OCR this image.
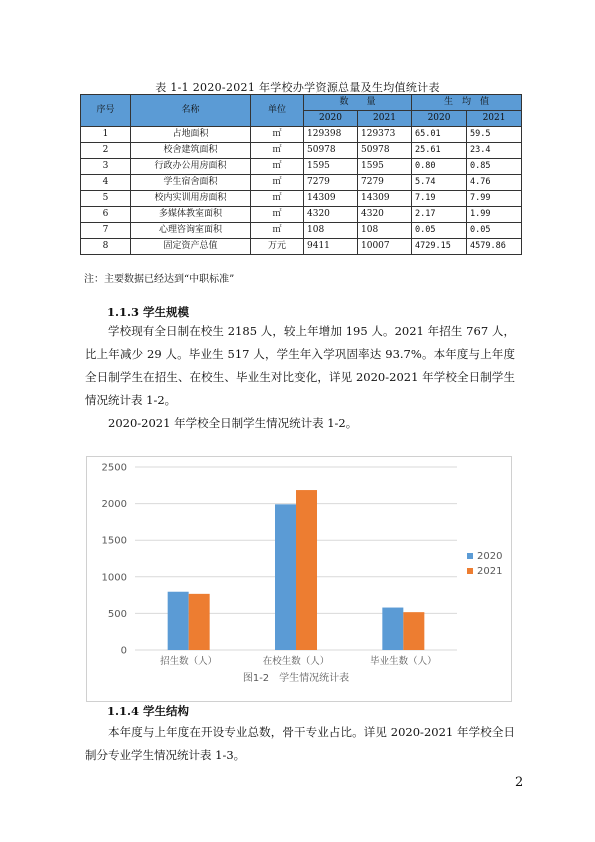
表 1-1 2020-2021 年学校办学资源总量及生均值统计表
序号	名称	单位	数　　量		生　均　值	
			2020	2021	2020	2021
1	占地面积	㎡	129398	129373	65.01	59.5
2	校舍建筑面积	㎡	50978	50978	25.61	23.4
3	行政办公用房面积	㎡	1595	1595	0.80	0.85
4	学生宿舍面积	㎡	7279	7279	5.74	4.76
5	校内实训用房面积	㎡	14309	14309	7.19	7.99
6	多媒体教室面积	㎡	4320	4320	2.17	1.99
7	心理咨询室面积	㎡	108	108	0.05	0.05
8	固定资产总值	万元	9411	10007	4729.15	4579.86
注：主要数据已经达到“中职标准”
1.1.3 学生规模
学校现有全日制在校生 2185 人，较上年增加 195 人。2021 年招生 767 人，比上年减少 29 人。毕业生 517 人，学生年入学巩固率达 93.7%。本年度与上年度全日制学生在招生、在校生、毕业生对比变化，详见 2020-2021 年学校全日制学生情况统计表 1-2。
2020-2021 年学校全日制学生情况统计表 1-2。
0
500
1000
1500
2000
2500
招生数（人）	在校生数（人）	毕业生数（人）
2020
2021
图1-2　学生情况统计表
1.1.4 学生结构
本年度与上年度在开设专业总数，骨干专业占比。详见 2020-2021 年学校全日制分专业学生情况统计表 1-3。
2
